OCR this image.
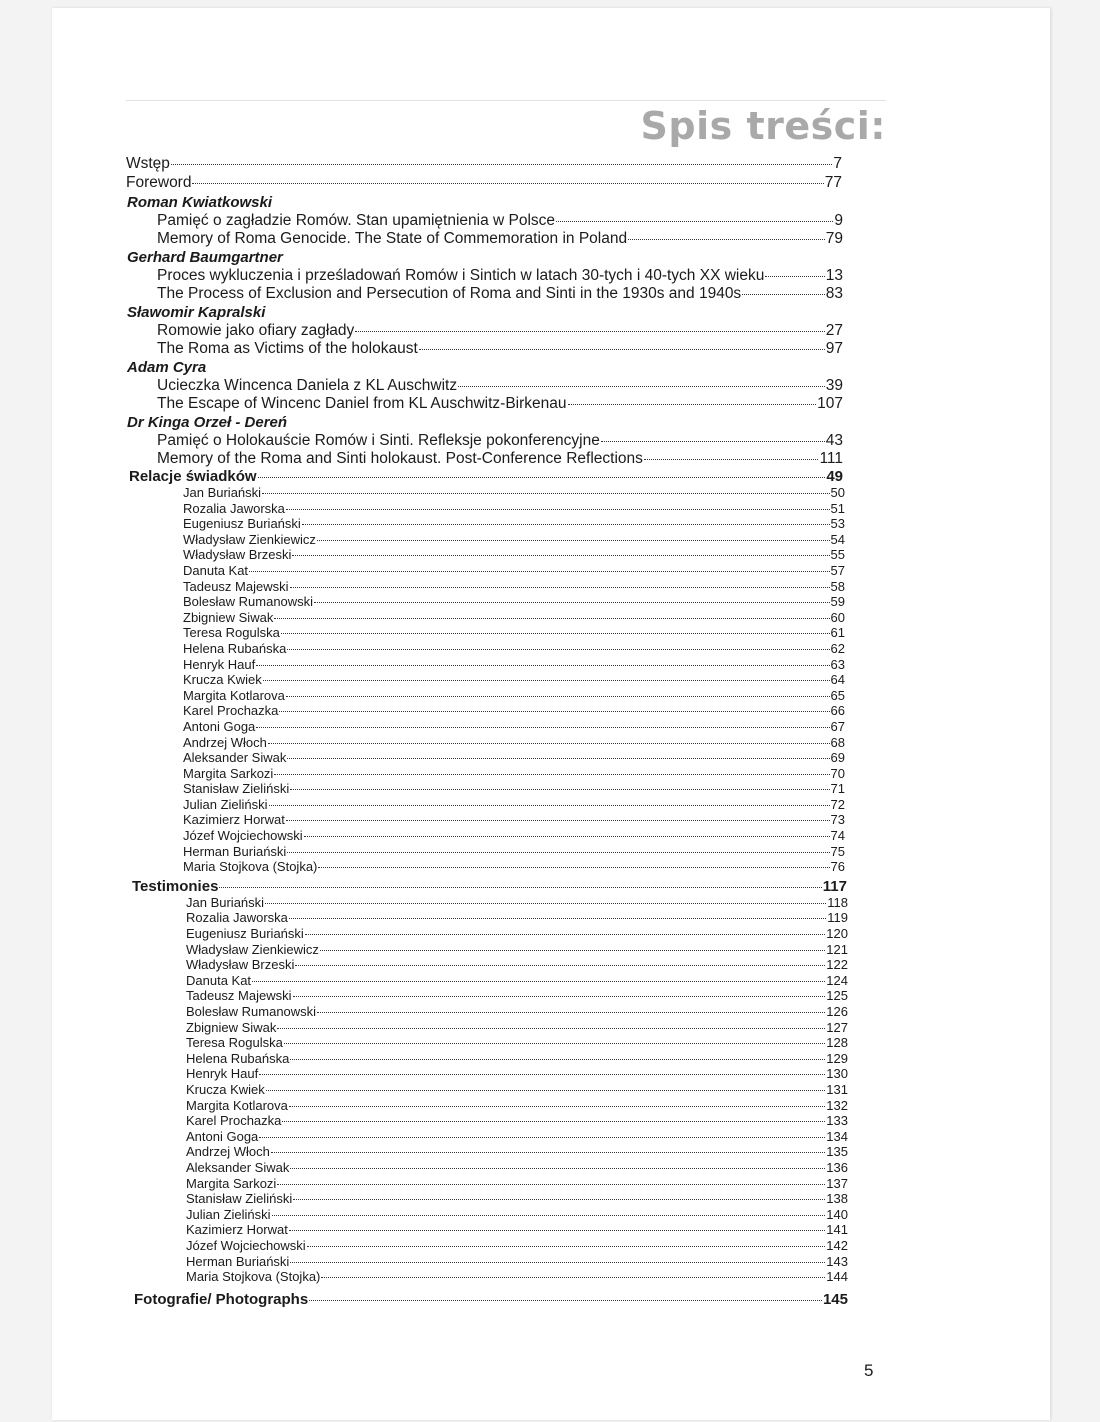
Spis treści:
Wstęp	7
Foreword	77
Roman Kwiatkowski
Pamięć o zagładzie Romów. Stan upamiętnienia w Polsce	9
Memory of Roma Genocide. The State of Commemoration in Poland	79
Gerhard Baumgartner
Proces wykluczenia i prześladowań Romów i Sintich w latach 30-tych i 40-tych XX wieku	13
The Process of Exclusion and Persecution of Roma and Sinti in the 1930s and 1940s	83
Sławomir Kapralski
Romowie jako ofiary zagłady	27
The Roma as Victims of the holokaust	97
Adam Cyra
Ucieczka Wincenca Daniela z KL Auschwitz	39
The Escape of Wincenc Daniel from KL Auschwitz-Birkenau	107
Dr Kinga Orzeł - Dereń
Pamięć o Holokauście Romów i Sinti. Refleksje pokonferencyjne	43
Memory of the Roma and Sinti holokaust. Post-Conference Reflections	111
Relacje świadków	49
Jan Buriański	50
Rozalia Jaworska	51
Eugeniusz Buriański	53
Władysław Zienkiewicz	54
Władysław Brzeski	55
Danuta Kat	57
Tadeusz Majewski	58
Bolesław Rumanowski	59
Zbigniew Siwak	60
Teresa Rogulska	61
Helena Rubańska	62
Henryk Hauf	63
Krucza Kwiek	64
Margita Kotlarova	65
Karel Prochazka	66
Antoni Goga	67
Andrzej Włoch	68
Aleksander Siwak	69
Margita Sarkozi	70
Stanisław Zieliński	71
Julian Zieliński	72
Kazimierz Horwat	73
Józef Wojciechowski	74
Herman Buriański	75
Maria Stojkova (Stojka)	76
Testimonies	117
Jan Buriański	118
Rozalia Jaworska	119
Eugeniusz Buriański	120
Władysław Zienkiewicz	121
Władysław Brzeski	122
Danuta Kat	124
Tadeusz Majewski	125
Bolesław Rumanowski	126
Zbigniew Siwak	127
Teresa Rogulska	128
Helena Rubańska	129
Henryk Hauf	130
Krucza Kwiek	131
Margita Kotlarova	132
Karel Prochazka	133
Antoni Goga	134
Andrzej Włoch	135
Aleksander Siwak	136
Margita Sarkozi	137
Stanisław Zieliński	138
Julian Zieliński	140
Kazimierz Horwat	141
Józef Wojciechowski	142
Herman Buriański	143
Maria Stojkova (Stojka)	144
Fotografie/ Photographs	145
5
